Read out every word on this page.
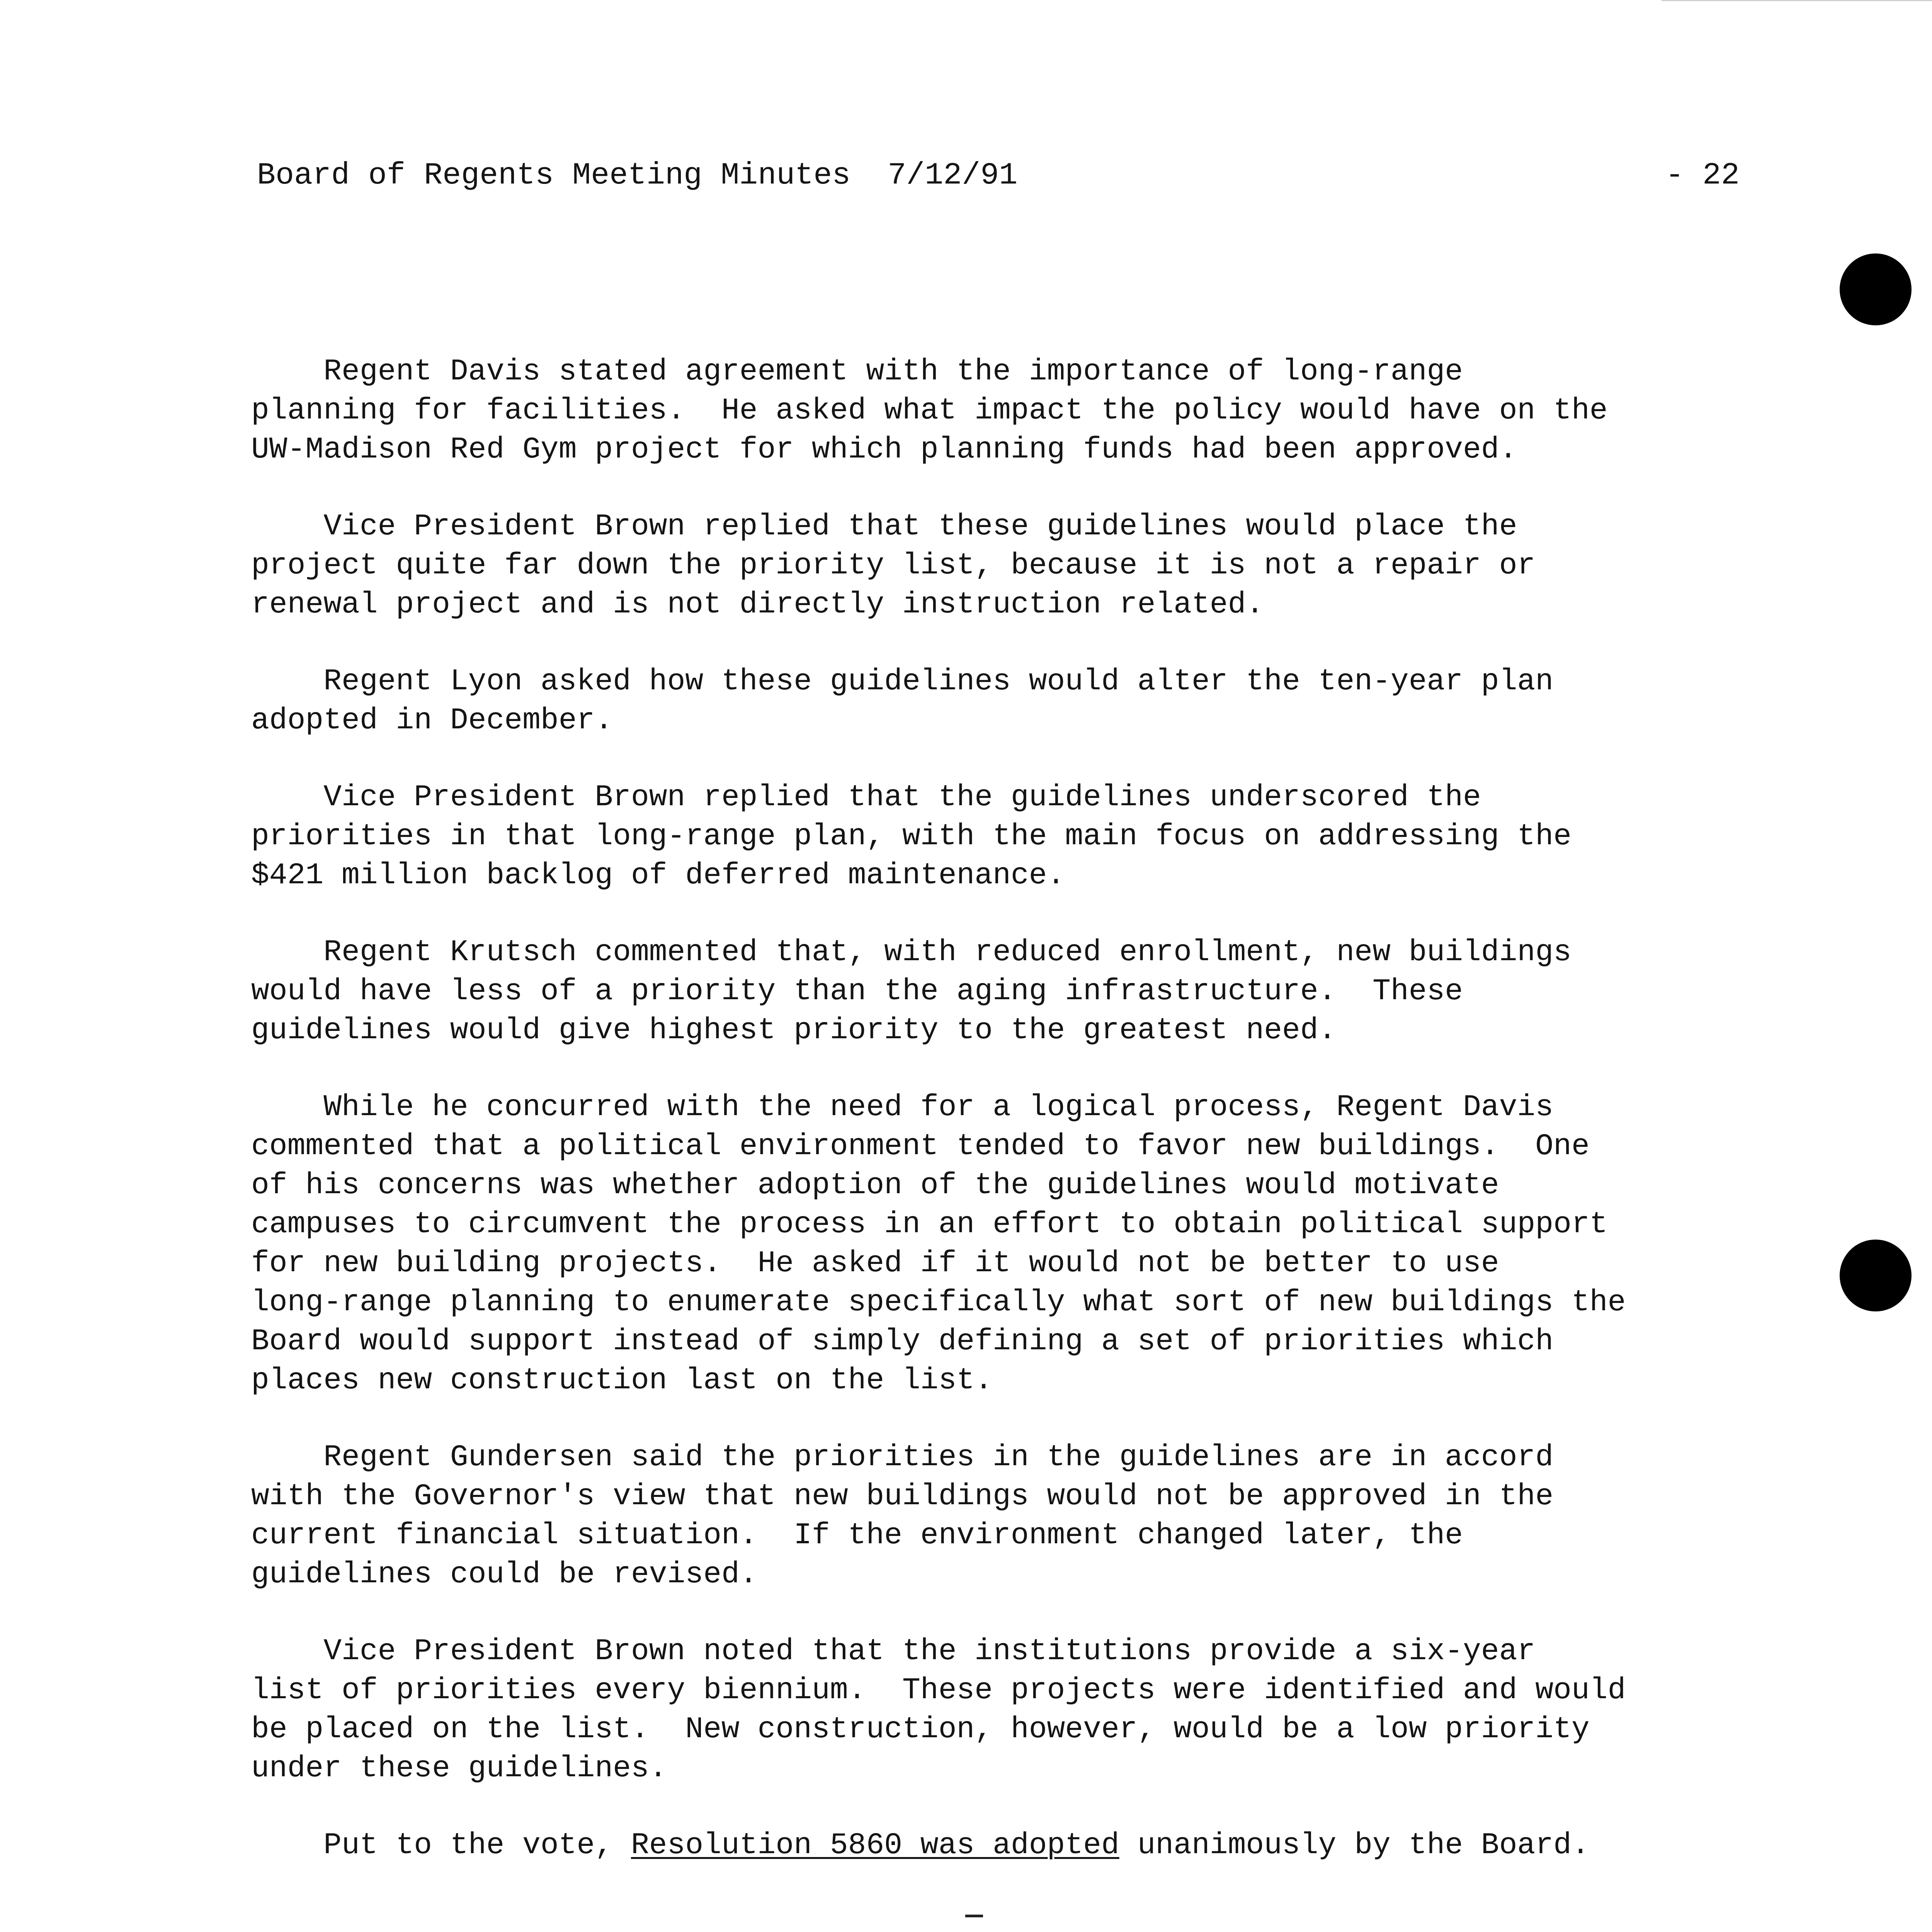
Board of Regents Meeting Minutes  7/12/91	- 22

Regent Davis stated agreement with the importance of long-range
planning for facilities.  He asked what impact the policy would have on the
UW-Madison Red Gym project for which planning funds had been approved.

Vice President Brown replied that these guidelines would place the
project quite far down the priority list, because it is not a repair or
renewal project and is not directly instruction related.

Regent Lyon asked how these guidelines would alter the ten-year plan
adopted in December.

Vice President Brown replied that the guidelines underscored the
priorities in that long-range plan, with the main focus on addressing the
$421 million backlog of deferred maintenance.

Regent Krutsch commented that, with reduced enrollment, new buildings
would have less of a priority than the aging infrastructure.  These
guidelines would give highest priority to the greatest need.

While he concurred with the need for a logical process, Regent Davis
commented that a political environment tended to favor new buildings.  One
of his concerns was whether adoption of the guidelines would motivate
campuses to circumvent the process in an effort to obtain political support
for new building projects.  He asked if it would not be better to use
long-range planning to enumerate specifically what sort of new buildings the
Board would support instead of simply defining a set of priorities which
places new construction last on the list.

Regent Gundersen said the priorities in the guidelines are in accord
with the Governor's view that new buildings would not be approved in the
current financial situation.  If the environment changed later, the
guidelines could be revised.

Vice President Brown noted that the institutions provide a six-year
list of priorities every biennium.  These projects were identified and would
be placed on the list.  New construction, however, would be a low priority
under these guidelines.

Put to the vote, Resolution 5860 was adopted unanimously by the Board.
